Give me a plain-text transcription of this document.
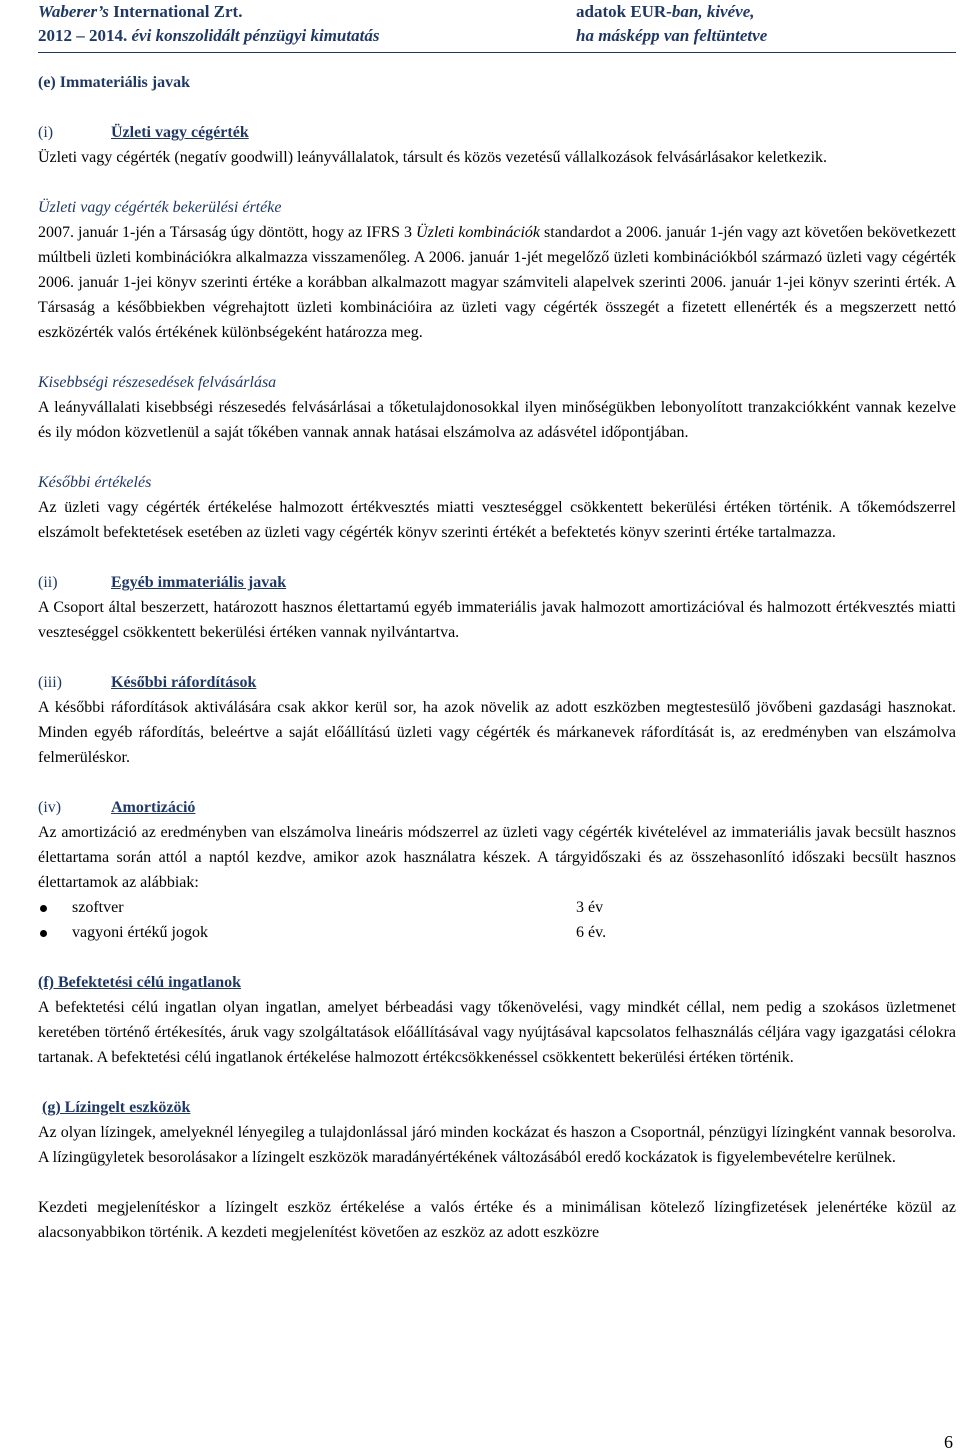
Waberer’s International Zrt.	adatok EUR-ban, kivéve,
2012 – 2014. évi konszolidált pénzügyi kimutatás	ha másképp van feltüntetve

(e) Immateriális javak

(i)	Üzleti vagy cégérték

Üzleti vagy cégérték (negatív goodwill) leányvállalatok, társult és közös vezetésű vállalkozások felvásárlásakor keletkezik.

Üzleti vagy cégérték bekerülési értéke

2007. január 1-jén a Társaság úgy döntött, hogy az IFRS 3 Üzleti kombinációk standardot a 2006. január 1-jén vagy azt követően bekövetkezett múltbeli üzleti kombinációkra alkalmazza visszamenőleg. A 2006. január 1-jét megelőző üzleti kombinációkból származó üzleti vagy cégérték 2006. január 1-jei könyv szerinti értéke a korábban alkalmazott magyar számviteli alapelvek szerinti 2006. január 1-jei könyv szerinti érték. A Társaság a későbbiekben végrehajtott üzleti kombinációira az üzleti vagy cégérték összegét a fizetett ellenérték és a megszerzett nettó eszközérték valós értékének különbségeként határozza meg.

Kisebbségi részesedések felvásárlása

A leányvállalati kisebbségi részesedés felvásárlásai a tőketulajdonosokkal ilyen minőségükben lebonyolított tranzakciókként vannak kezelve és ily módon közvetlenül a saját tőkében vannak annak hatásai elszámolva az adásvétel időpontjában.

Későbbi értékelés

Az üzleti vagy cégérték értékelése halmozott értékvesztés miatti veszteséggel csökkentett bekerülési értéken történik. A tőkemódszerrel elszámolt befektetések esetében az üzleti vagy cégérték könyv szerinti értékét a befektetés könyv szerinti értéke tartalmazza.

(ii)	Egyéb immateriális javak

A Csoport által beszerzett, határozott hasznos élettartamú egyéb immateriális javak halmozott amortizációval és halmozott értékvesztés miatti veszteséggel csökkentett bekerülési értéken vannak nyilvántartva.

(iii)	Későbbi ráfordítások

A későbbi ráfordítások aktiválására csak akkor kerül sor, ha azok növelik az adott eszközben megtestesülő jövőbeni gazdasági hasznokat. Minden egyéb ráfordítás, beleértve a saját előállítású üzleti vagy cégérték és márkanevek ráfordítását is, az eredményben van elszámolva felmerüléskor.

(iv)	Amortizáció

Az amortizáció az eredményben van elszámolva lineáris módszerrel az üzleti vagy cégérték kivételével az immateriális javak becsült hasznos élettartama során attól a naptól kezdve, amikor azok használatra készek. A tárgyidőszaki és az összehasonlító időszaki becsült hasznos élettartamok az alábbiak:

szoftver	3 év
vagyoni értékű jogok	6 év.

(f) Befektetési célú ingatlanok

A befektetési célú ingatlan olyan ingatlan, amelyet bérbeadási vagy tőkenövelési, vagy mindkét céllal, nem pedig a szokásos üzletmenet keretében történő értékesítés, áruk vagy szolgáltatások előállításával vagy nyújtásával kapcsolatos felhasználás céljára vagy igazgatási célokra tartanak. A befektetési célú ingatlanok értékelése halmozott értékcsökkenéssel csökkentett bekerülési értéken történik.

(g) Lízingelt eszközök

Az olyan lízingek, amelyeknél lényegileg a tulajdonlással járó minden kockázat és haszon a Csoportnál, pénzügyi lízingként vannak besorolva. A lízingügyletek besorolásakor a lízingelt eszközök maradányértékének változásából eredő kockázatok is figyelembevételre kerülnek.

Kezdeti megjelenítéskor a lízingelt eszköz értékelése a valós értéke és a minimálisan kötelező lízingfizetések jelenértéke közül az alacsonyabbikon történik. A kezdeti megjelenítést követően az eszköz az adott eszközre

6
